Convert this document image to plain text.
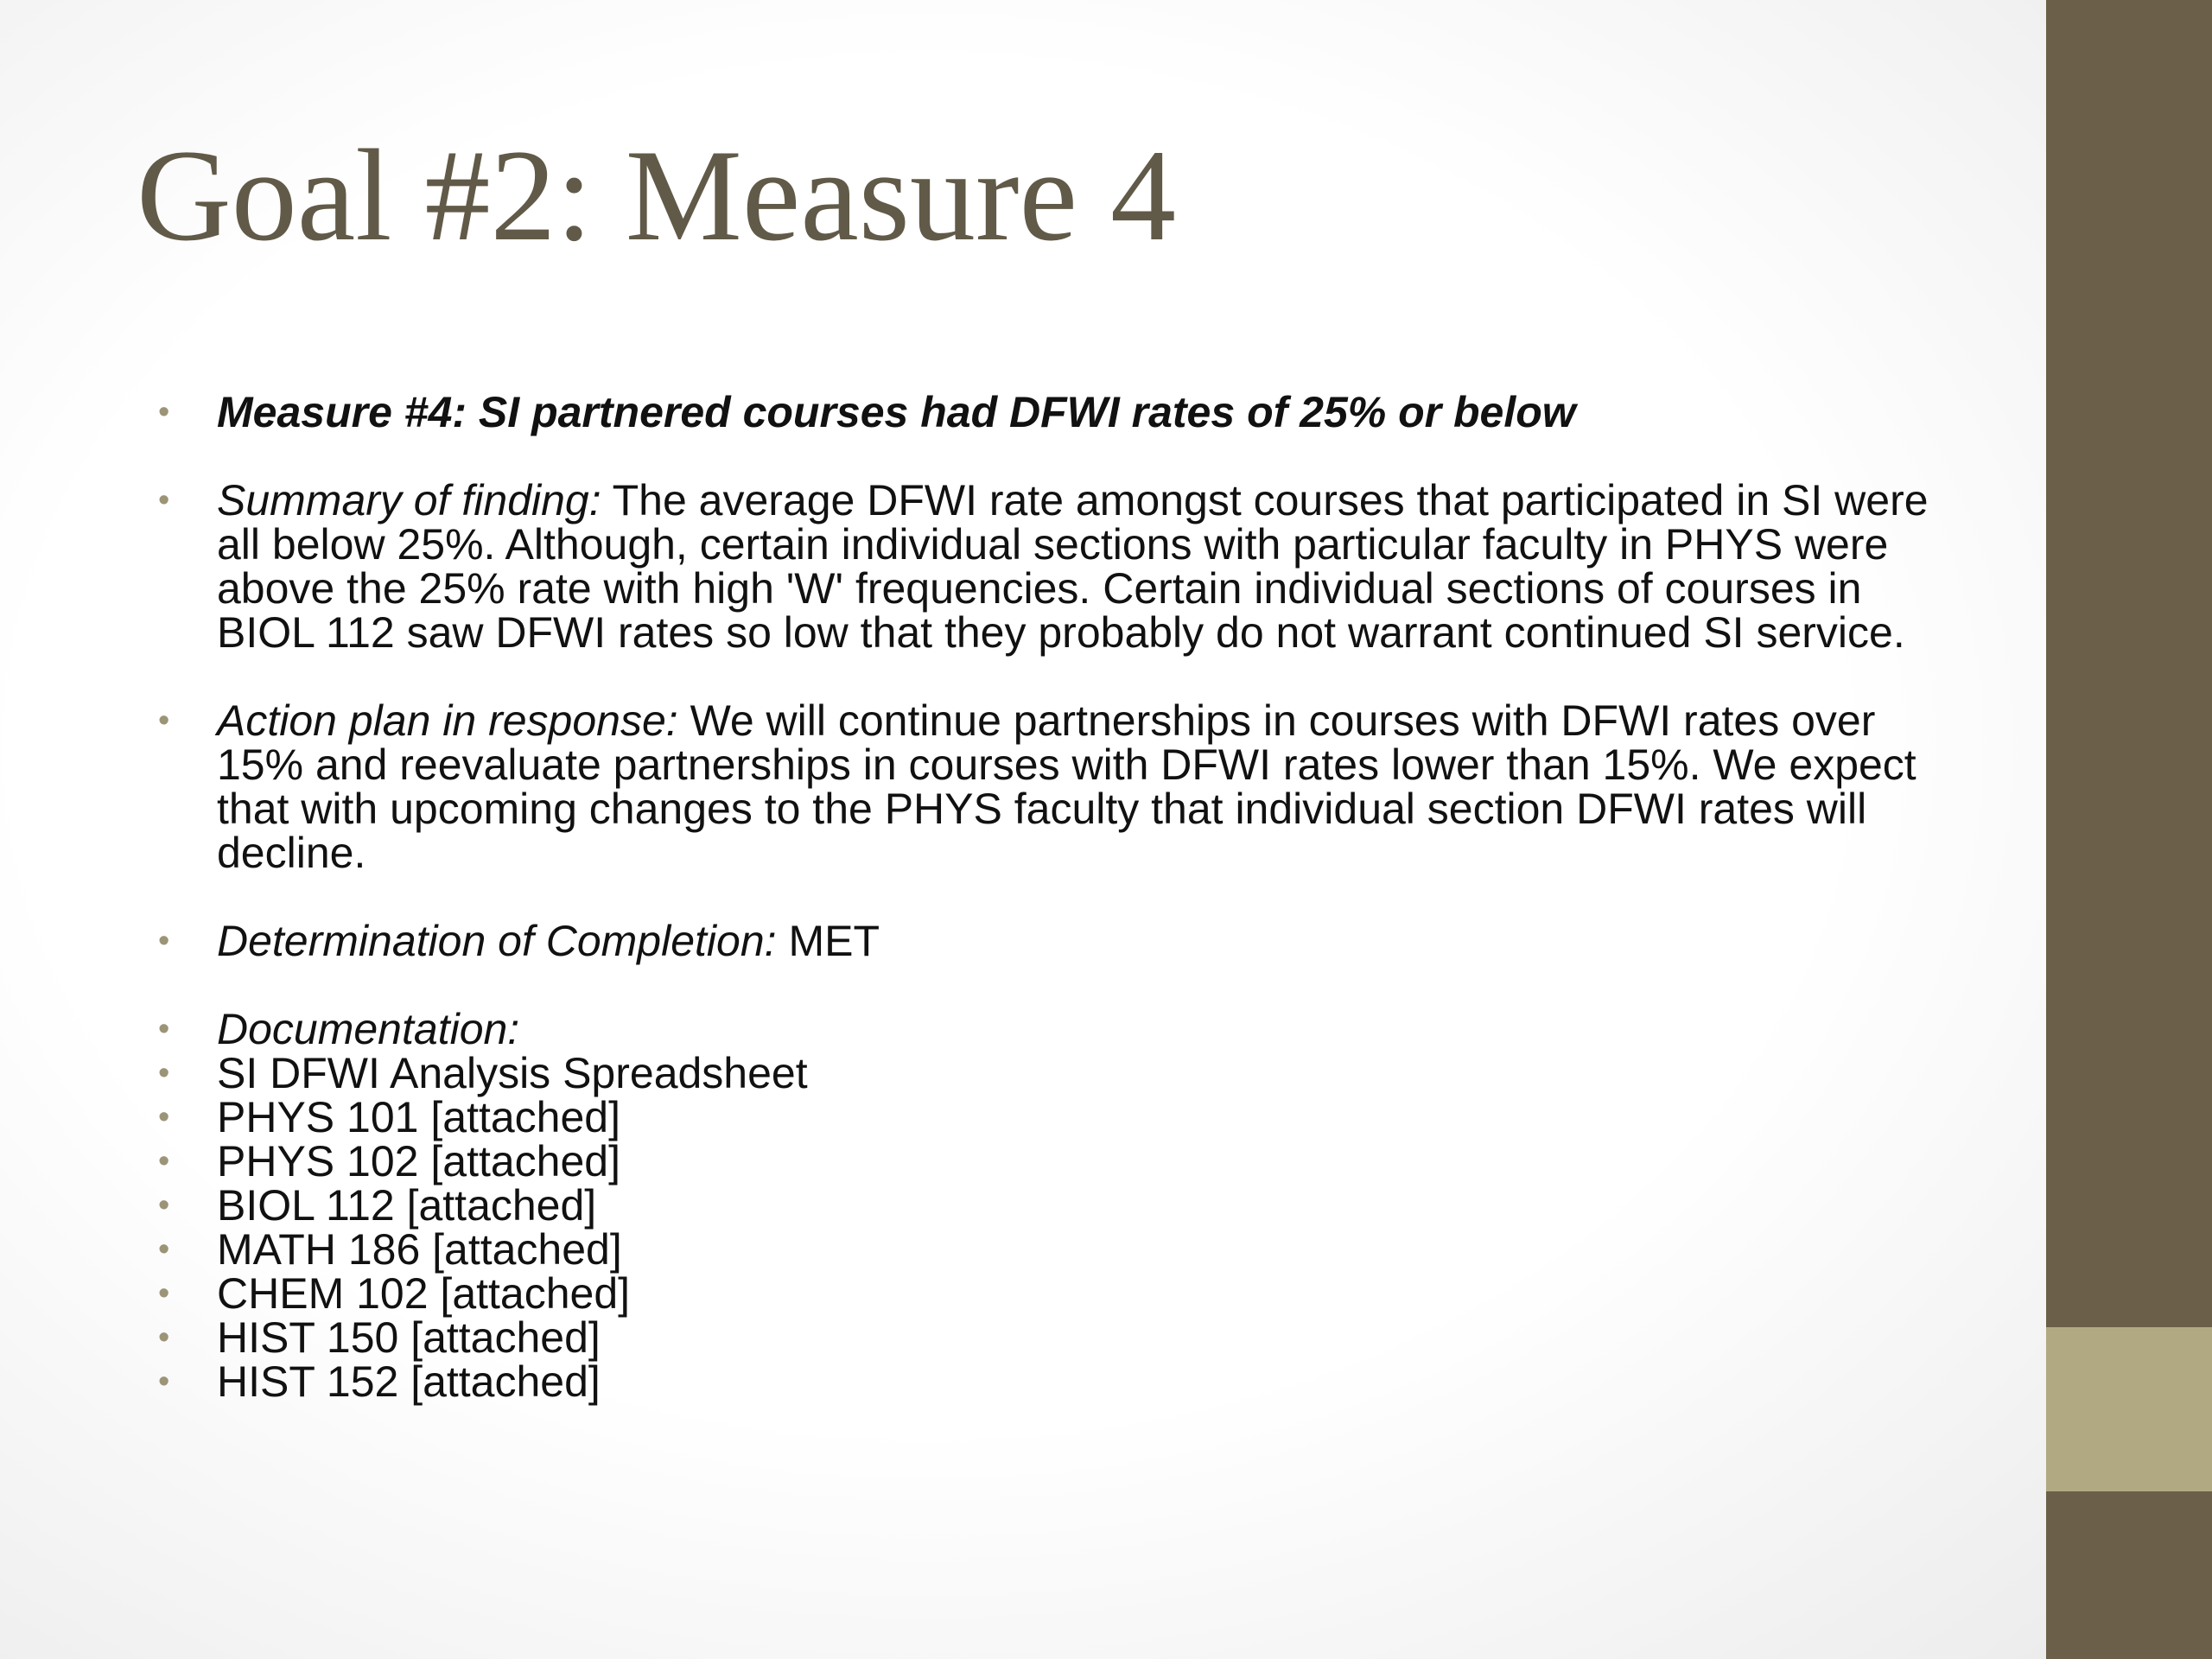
Goal #2: Measure 4
• Measure #4: SI partnered courses had DFWI rates of 25% or below
• Summary of finding: The average DFWI rate amongst courses that participated in SI were all below 25%. Although, certain individual sections with particular faculty in PHYS were above the 25% rate with high 'W' frequencies. Certain individual sections of courses in BIOL 112 saw DFWI rates so low that they probably do not warrant continued SI service.
• Action plan in response: We will continue partnerships in courses with DFWI rates over 15% and reevaluate partnerships in courses with DFWI rates lower than 15%. We expect that with upcoming changes to the PHYS faculty that individual section DFWI rates will decline.
• Determination of Completion: MET
• Documentation:
• SI DFWI Analysis Spreadsheet
• PHYS 101 [attached]
• PHYS 102 [attached]
• BIOL 112 [attached]
• MATH 186 [attached]
• CHEM 102 [attached]
• HIST 150 [attached]
• HIST 152 [attached]
